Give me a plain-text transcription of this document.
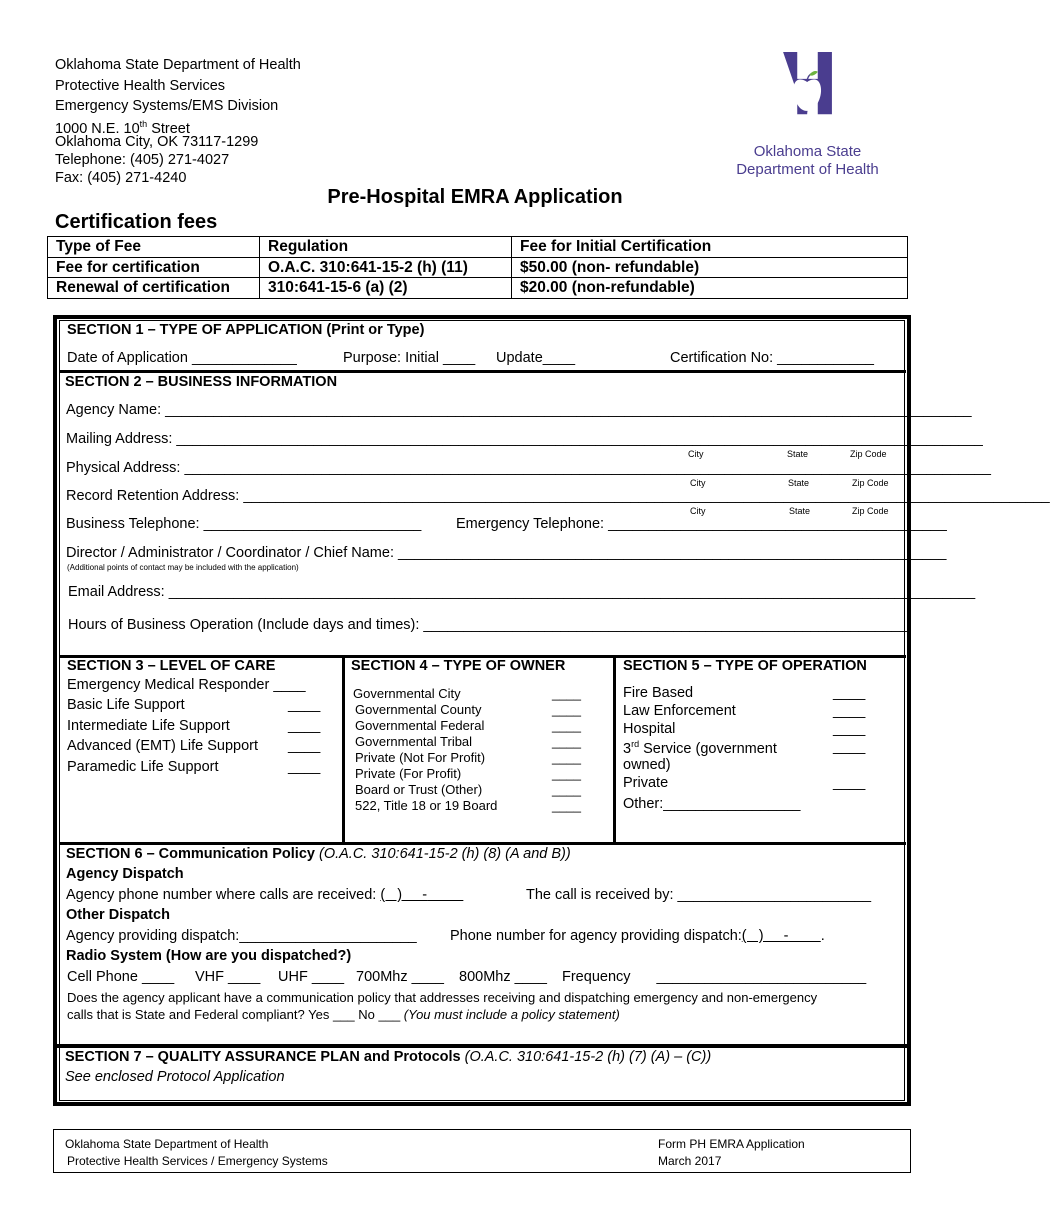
Oklahoma State Department of Health
Protective Health Services
Emergency Systems/EMS Division
1000 N.E. 10th Street
Oklahoma City, OK 73117-1299
Telephone: (405) 271-4027
Fax: (405) 271-4240
Oklahoma State
Department of Health
Pre-Hospital EMRA Application
Certification fees
Type of Fee	Regulation	Fee for Initial Certification
Fee for certification	O.A.C. 310:641-15-2 (h) (11)	$50.00 (non- refundable)
Renewal of certification	310:641-15-6 (a) (2)	$20.00 (non-refundable)
SECTION 1 – TYPE OF APPLICATION (Print or Type)
Date of Application _____________	Purpose: Initial ____ Update____	Certification No: ____________
SECTION 2 – BUSINESS INFORMATION
Agency Name: ____________________________________________________________________________________________________
Mailing Address: ____________________________________________________________________________________________________
City	State	Zip Code
Physical Address: ____________________________________________________________________________________________________
City	State	Zip Code
Record Retention Address: ____________________________________________________________________________________________________
City	State	Zip Code
Business Telephone: ___________________________ Emergency Telephone: __________________________________________
Director / Administrator / Coordinator / Chief Name: ____________________________________________________________________
(Additional points of contact may be included with the application)
Email Address: ____________________________________________________________________________________________________
Hours of Business Operation (Include days and times): ____________________________________________________________
SECTION 3 – LEVEL OF CARE
Emergency Medical Responder ____
Basic Life Support	____
Intermediate Life Support	____
Advanced (EMT) Life Support ____
Paramedic Life Support	____
SECTION 4 – TYPE OF OWNER
Governmental City	____
Governmental County	____
Governmental Federal	____
Governmental Tribal	____
Private (Not For Profit)	____
Private (For Profit)	____
Board or Trust (Other)	____
522, Title 18 or 19 Board	____
SECTION 5 – TYPE OF OPERATION
Fire Based	____
Law Enforcement	____
Hospital	____
3rd Service (government	____
owned)
Private	____
Other:_________________
SECTION 6 – Communication Policy (O.A.C. 310:641-15-2 (h) (8) (A and B))
Agency Dispatch
Agency phone number where calls are received: (   )     -	The call is received by: ________________________
Other Dispatch
Agency providing dispatch:______________________ Phone number for agency providing dispatch:(   )     - .
Radio System (How are you dispatched?)
Cell Phone ____ VHF ____ UHF ____ 700Mhz ____ 800Mhz ____ Frequency __________________________
Does the agency applicant have a communication policy that addresses receiving and dispatching emergency and non-emergency
calls that is State and Federal compliant? Yes ___ No ___ (You must include a policy statement)
SECTION 7 – QUALITY ASSURANCE PLAN and Protocols (O.A.C. 310:641-15-2 (h) (7) (A) – (C))
See enclosed Protocol Application
Oklahoma State Department of Health
Protective Health Services / Emergency Systems
Form PH EMRA Application
March 2017
